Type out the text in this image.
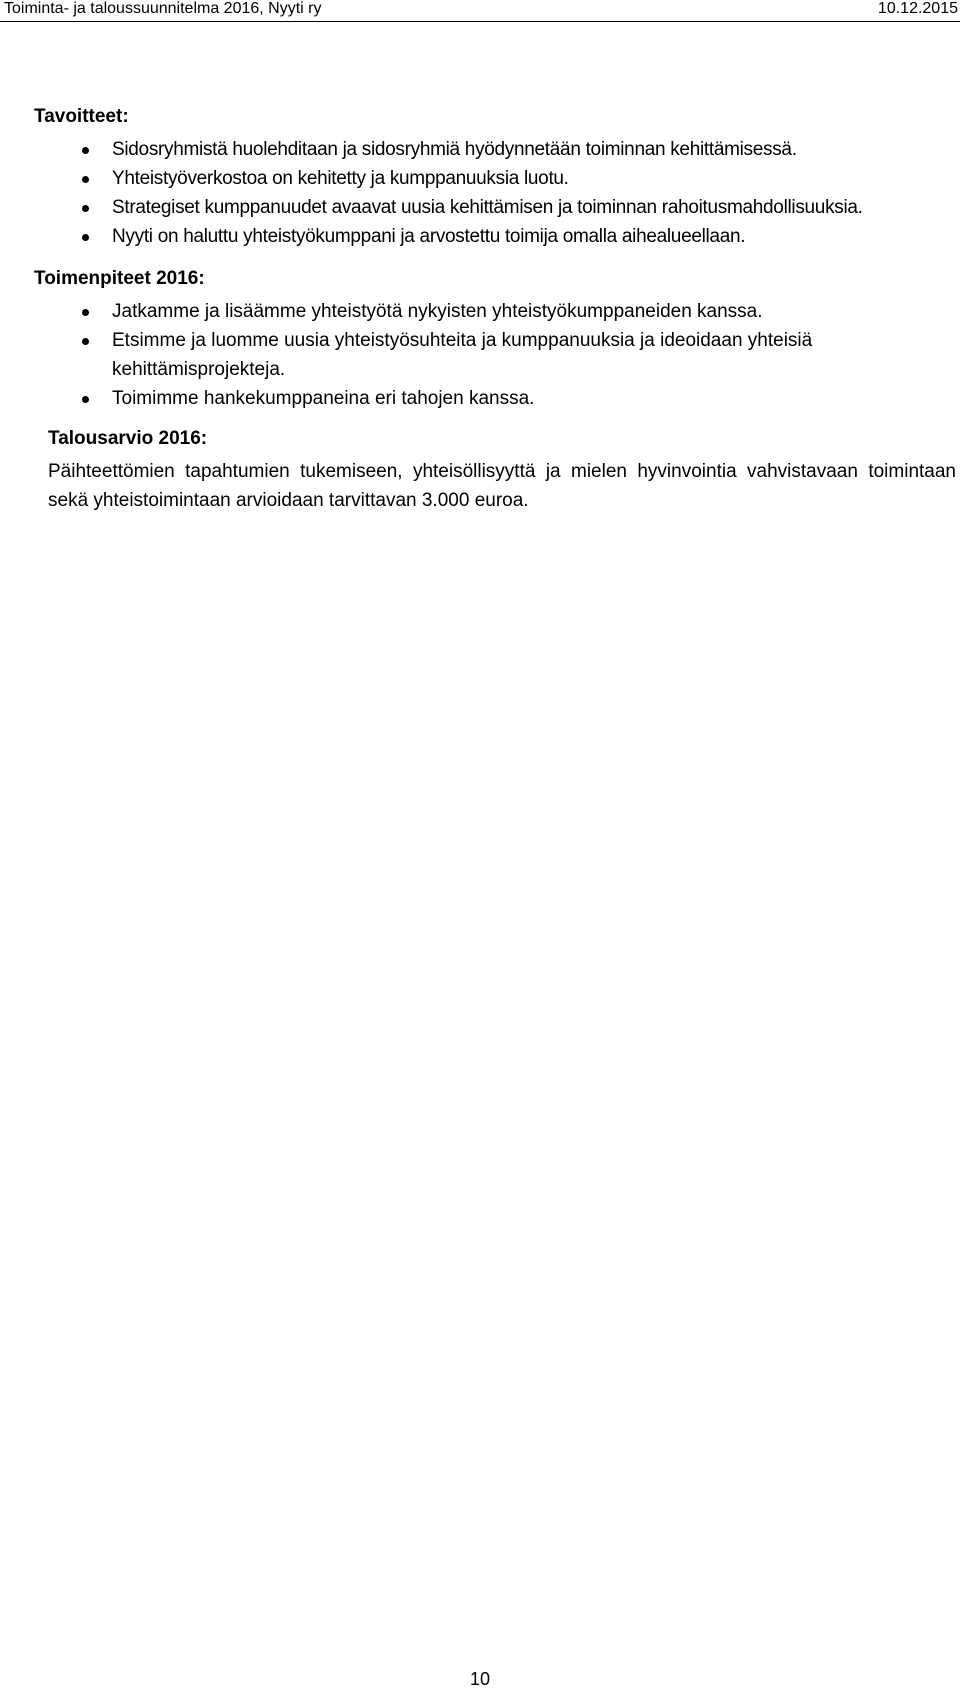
Toiminta- ja taloussuunnitelma 2016, Nyyti ry	10.12.2015
Tavoitteet:
Sidosryhmistä huolehditaan ja sidosryhmiä hyödynnetään toiminnan kehittämisessä.
Yhteistyöverkostoa on kehitetty ja kumppanuuksia luotu.
Strategiset kumppanuudet avaavat uusia kehittämisen ja toiminnan rahoitusmahdollisuuksia.
Nyyti on haluttu yhteistyökumppani ja arvostettu toimija omalla aihealueellaan.
Toimenpiteet 2016:
Jatkamme ja lisäämme yhteistyötä nykyisten yhteistyökumppaneiden kanssa.
Etsimme ja luomme uusia yhteistyösuhteita ja kumppanuuksia ja ideoidaan yhteisiä kehittämisprojekteja.
Toimimme hankekumppaneina eri tahojen kanssa.
Talousarvio 2016:
Päihteettömien tapahtumien tukemiseen, yhteisöllisyyttä ja mielen hyvinvointia vahvistavaan toimintaan sekä yhteistoimintaan arvioidaan tarvittavan 3.000 euroa.
10
